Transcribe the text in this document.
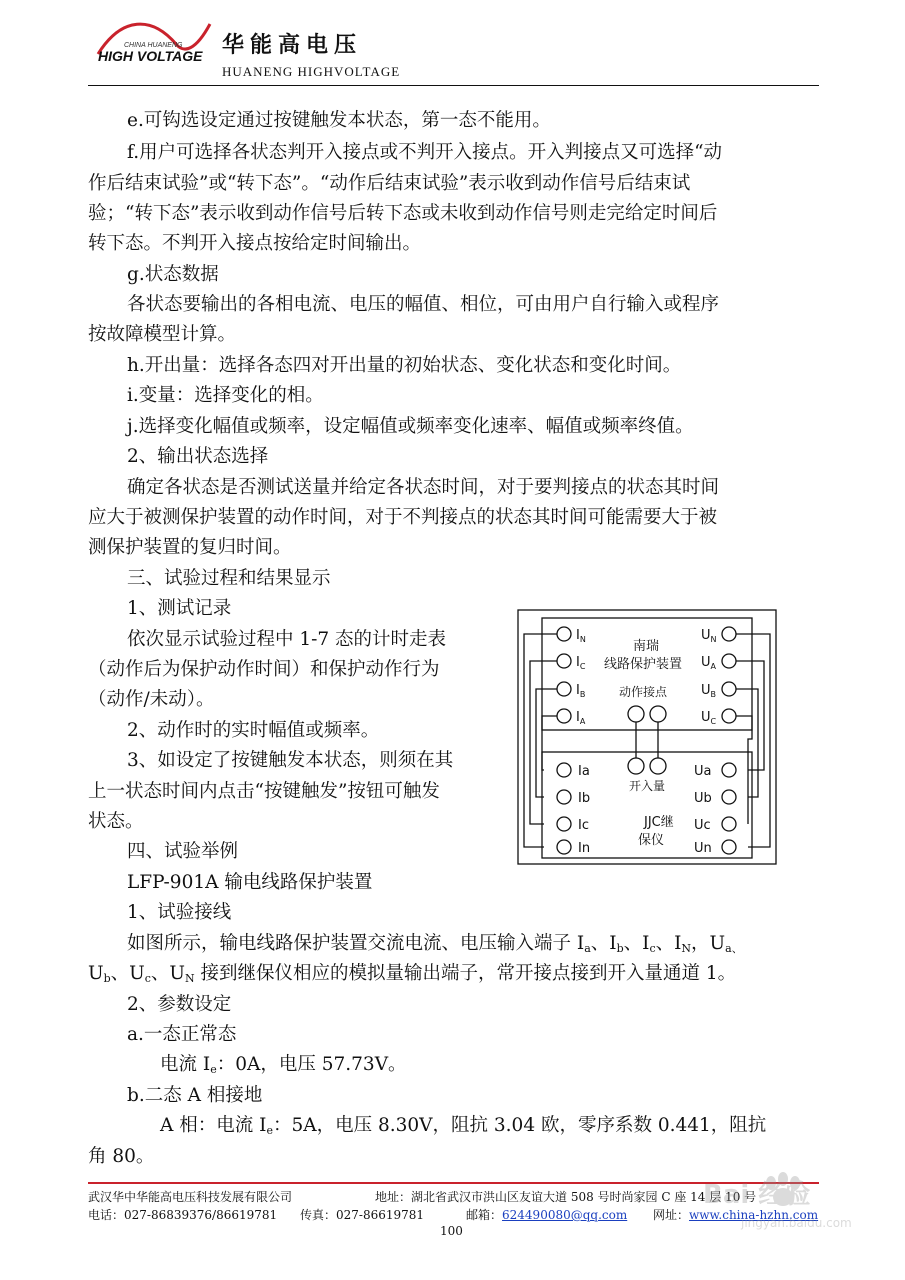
CHINA HUANENG
HIGH VOLTAGE 华能高电压
HUANENG HIGHVOLTAGE
e.可钩选设定通过按键触发本状态，第一态不能用。
f.用户可选择各状态判开入接点或不判开入接点。开入判接点又可选择“动
作后结束试验”或“转下态”。“动作后结束试验”表示收到动作信号后结束试
验；“转下态”表示收到动作信号后转下态或未收到动作信号则走完给定时间后
转下态。不判开入接点按给定时间输出。
g.状态数据
各状态要输出的各相电流、电压的幅值、相位，可由用户自行输入或程序
按故障模型计算。
h.开出量：选择各态四对开出量的初始状态、变化状态和变化时间。
i.变量：选择变化的相。
j.选择变化幅值或频率，设定幅值或频率变化速率、幅值或频率终值。
2、输出状态选择
确定各状态是否测试送量并给定各状态时间，对于要判接点的状态其时间
应大于被测保护装置的动作时间，对于不判接点的状态其时间可能需要大于被
测保护装置的复归时间。
三、试验过程和结果显示
1、测试记录
依次显示试验过程中 1-7 态的计时走表
（动作后为保护动作时间）和保护动作行为
（动作/未动）。
2、动作时的实时幅值或频率。
3、如设定了按键触发本状态，则须在其
上一状态时间内点击“按键触发”按钮可触发
状态。
四、试验举例
LFP-901A 输电线路保护装置
1、试验接线
如图所示，输电线路保护装置交流电流、电压输入端子 $I_a$、$I_b$、$I_c$、$I_N$，$U_{a、}$
$U_b$、$U_c$、$U_N$ 接到继保仪相应的模拟量输出端子，常开接点接到开入量通道 1。
2、参数设定
a.一态正常态
电流 $I_e$：0A，电压 57.73V。
b.二态 A 相接地
A 相：电流 $I_e$：5A，电压 8.30V，阻抗 3.04 欧，零序系数 0.441，阻抗
角 80。
南瑞
线路保护装置
动作接点
开入量
JJC继
保仪
$I_N$
$I_C$
$I_B$
$I_A$
$U_N$
$U_A$
$U_B$
$U_C$
Ia
Ib
Ic
In
Ua
Ub
Uc
Un
武汉华中华能高电压科技发展有限公司	地址：湖北省武汉市洪山区友谊大道 508 号时尚家园 C 座 14 层 10 号
电话：027-86839376/86619781 传真：027-86619781	邮箱：624490080@qq.com 网址：www.china-hzhn.com
100
Bai 经验
jingyan.baidu.com
